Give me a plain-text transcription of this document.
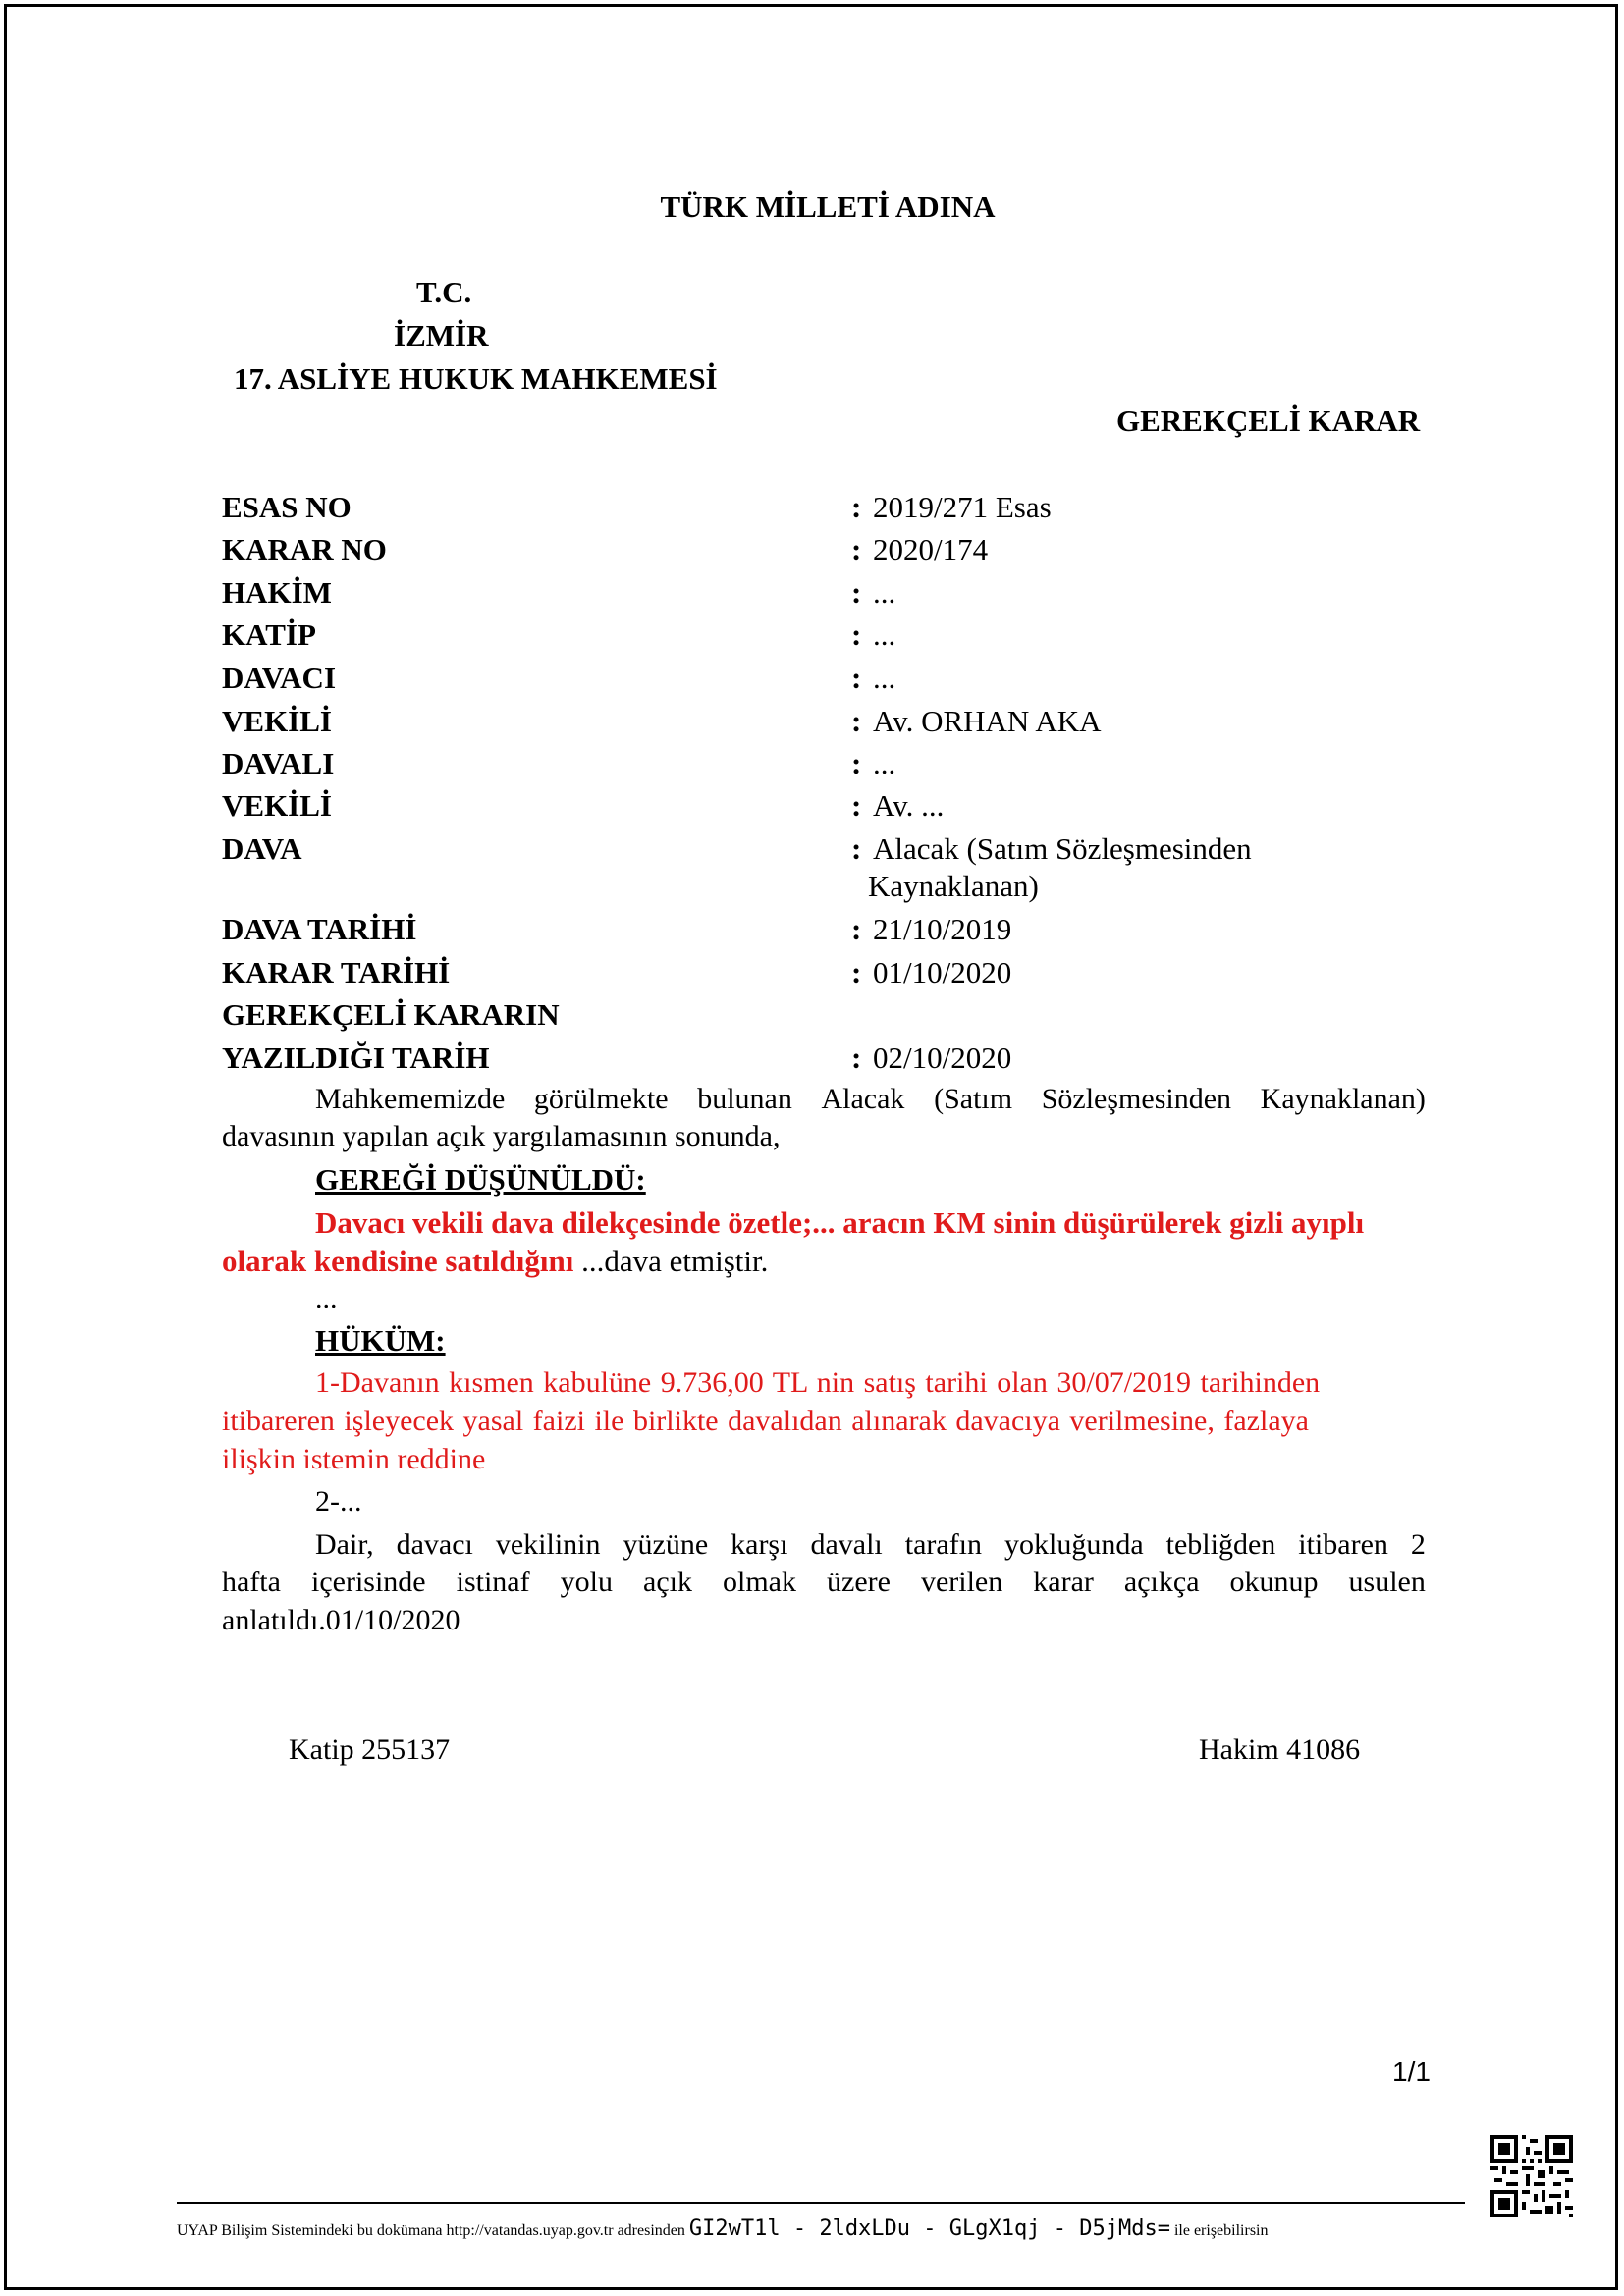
TÜRK MİLLETİ ADINA
T.C.
İZMİR
17. ASLİYE HUKUK MAHKEMESİ
GEREKÇELİ KARAR
ESAS NO	: 2019/271 Esas
KARAR NO	: 2020/174
HAKİM	: ...
KATİP	: ...
DAVACI	: ...
VEKİLİ	: Av. ORHAN AKA
DAVALI	: ...
VEKİLİ	: Av. ...
DAVA	: Alacak (Satım Sözleşmesinden
Kaynaklanan)
DAVA TARİHİ	: 21/10/2019
KARAR TARİHİ	: 01/10/2020
GEREKÇELİ KARARIN
YAZILDIĞI TARİH	: 02/10/2020
Mahkememizde görülmekte bulunan Alacak (Satım Sözleşmesinden Kaynaklanan)
davasının yapılan açık yargılamasının sonunda,
Davacı vekili dava dilekçesinde özetle;... aracın KM sinin düşürülerek gizli ayıplı
olarak kendisine satıldığını ...dava etmiştir.
...
HÜKÜM:
1-Davanın kısmen kabulüne 9.736,00 TL nin satış tarihi olan 30/07/2019 tarihinden
itibareren işleyecek yasal faizi ile birlikte davalıdan alınarak davacıya verilmesine, fazlaya
ilişkin istemin reddine
2-...
Dair, davacı vekilinin yüzüne karşı davalı tarafın yokluğunda tebliğden itibaren 2
hafta içerisinde istinaf yolu açık olmak üzere verilen karar açıkça okunup usulen
anlatıldı.01/10/2020
Katip 255137	Hakim 41086
1/1
UYAP Bilişim Sistemindeki bu dokümana http://vatandas.uyap.gov.tr adresinden GI2wT1l - 2ldxLDu - GLgX1qj - D5jMds= ile erişebilirsin
GEREĞİ DÜŞÜNÜLDÜ:
